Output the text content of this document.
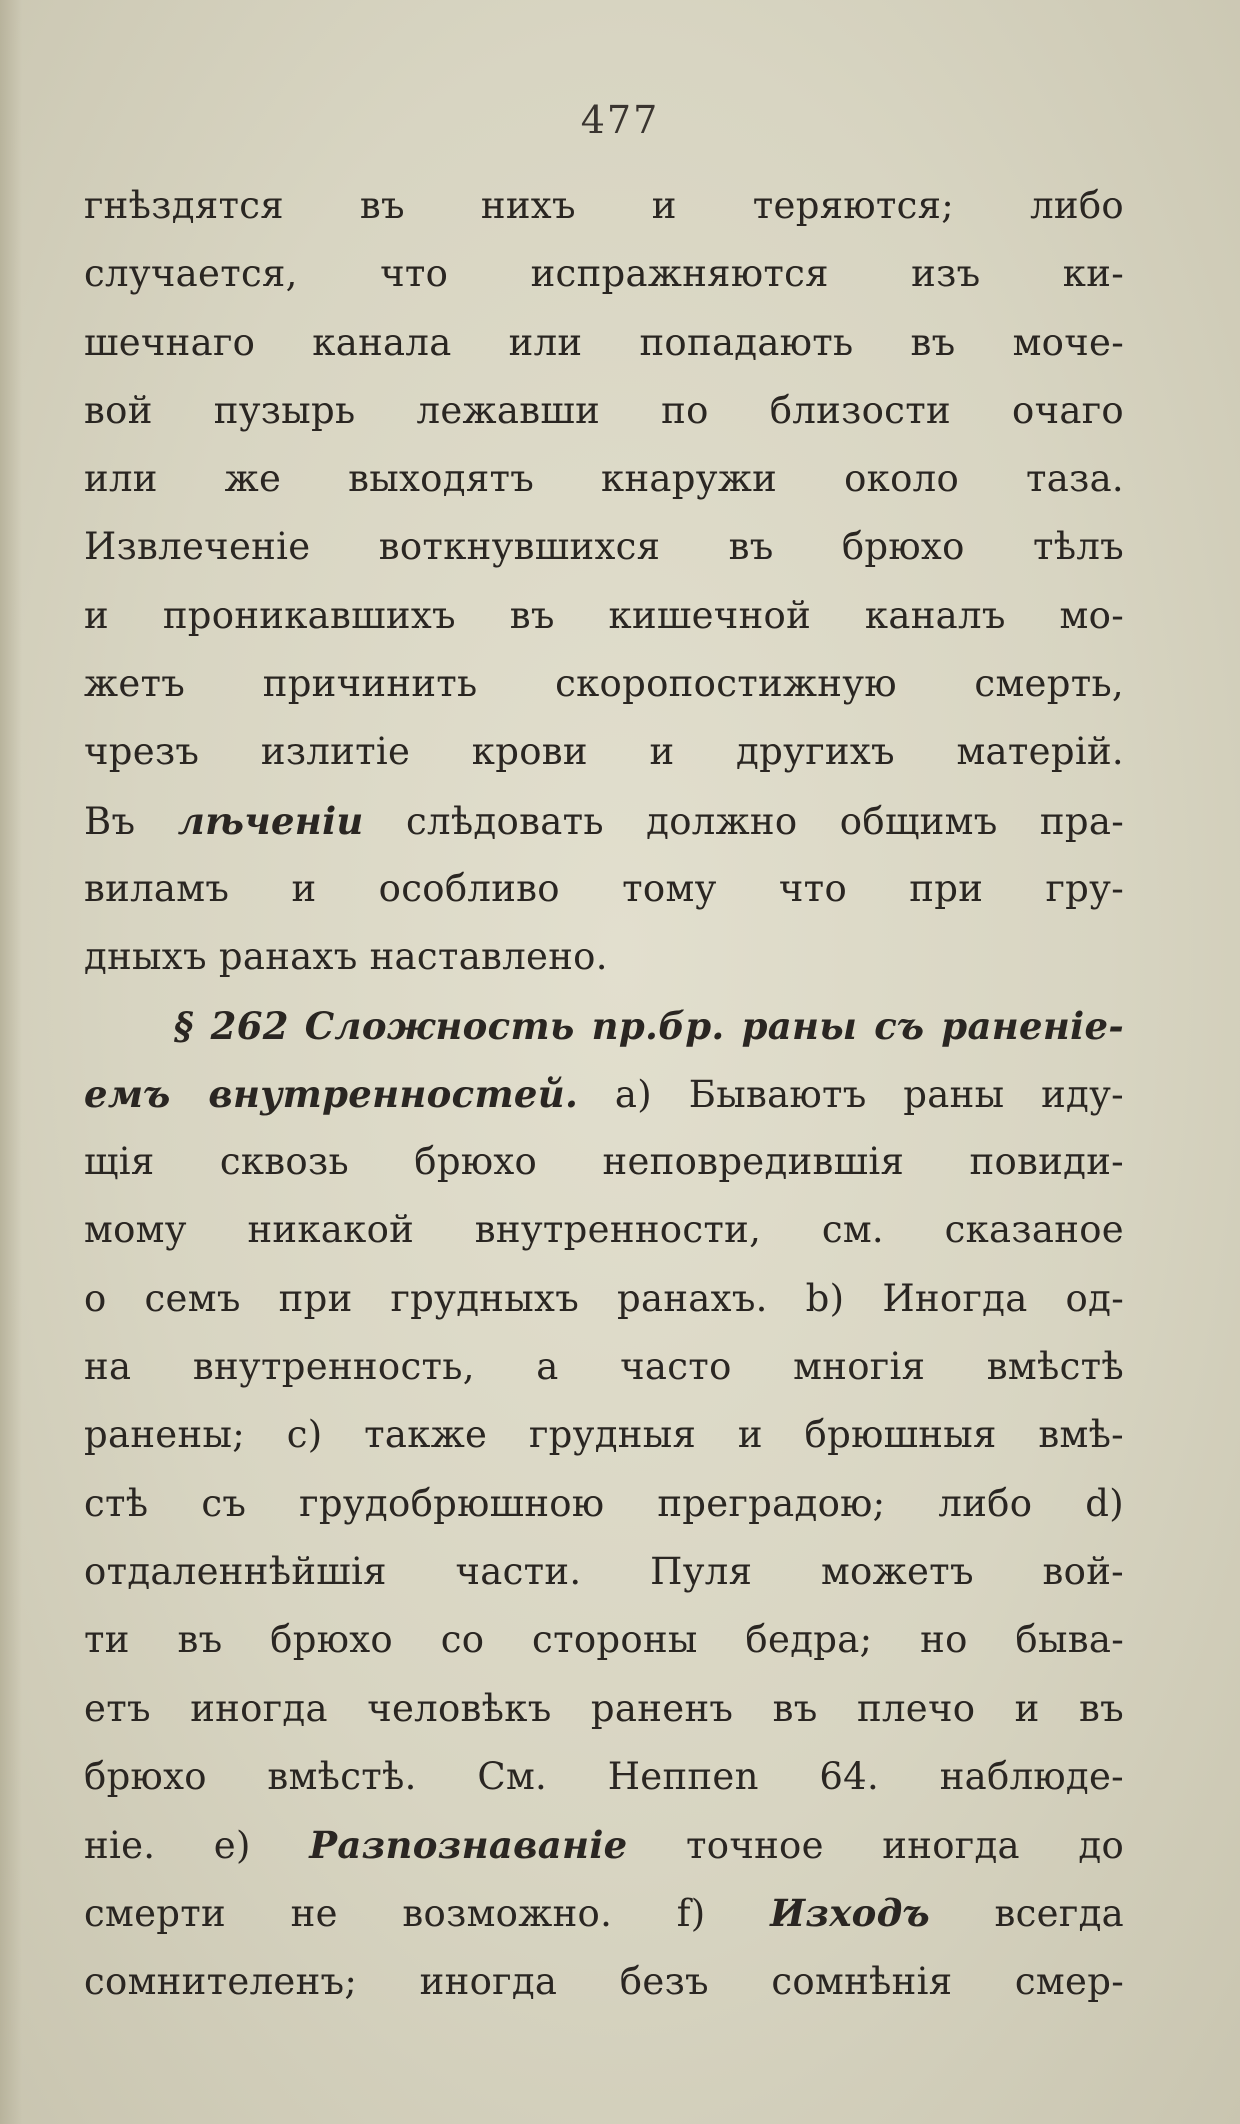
477
гнѣздятся въ нихъ и теряются; либо
случается, что испражняются изъ ки-
шечнаго канала или попадають въ моче-
вой пузырь лежавши по близости очаго
или же выходятъ кнаружи около таза.
Извлеченіе воткнувшихся въ брюхо тѣлъ
и проникавшихъ въ кишечной каналъ мо-
жетъ причинить скоропостижную смерть,
чрезъ излитіе крови и другихъ матерій.
Въ лѣченіи слѣдовать должно общимъ пра-
виламъ и особливо тому что при гру-
дныхъ ранахъ наставлено.
§ 262 Сложность пр.бр. раны съ раненіе-
емъ внутренностей. а) Бываютъ раны иду-
щія сквозь брюхо неповредившія повиди-
мому никакой внутренности, см. сказаное
о семъ при грудныхъ ранахъ. b) Иногда од-
на внутренность, а часто многія вмѣстѣ
ранены; с) также грудныя и брюшныя вмѣ-
стѣ съ грудобрюшною преградою; либо d)
отдаленнѣйшія части. Пуля можетъ вой-
ти въ брюхо со стороны бедра; но быва-
етъ иногда человѣкъ раненъ въ плечо и въ
брюхо вмѣстѣ. См. Heппеn 64. наблюде-
ніе. e) Разпознаваніе точное иногда до
смерти не возможно. f) Изходъ всегда
сомнителенъ; иногда безъ сомнѣнія смер-
